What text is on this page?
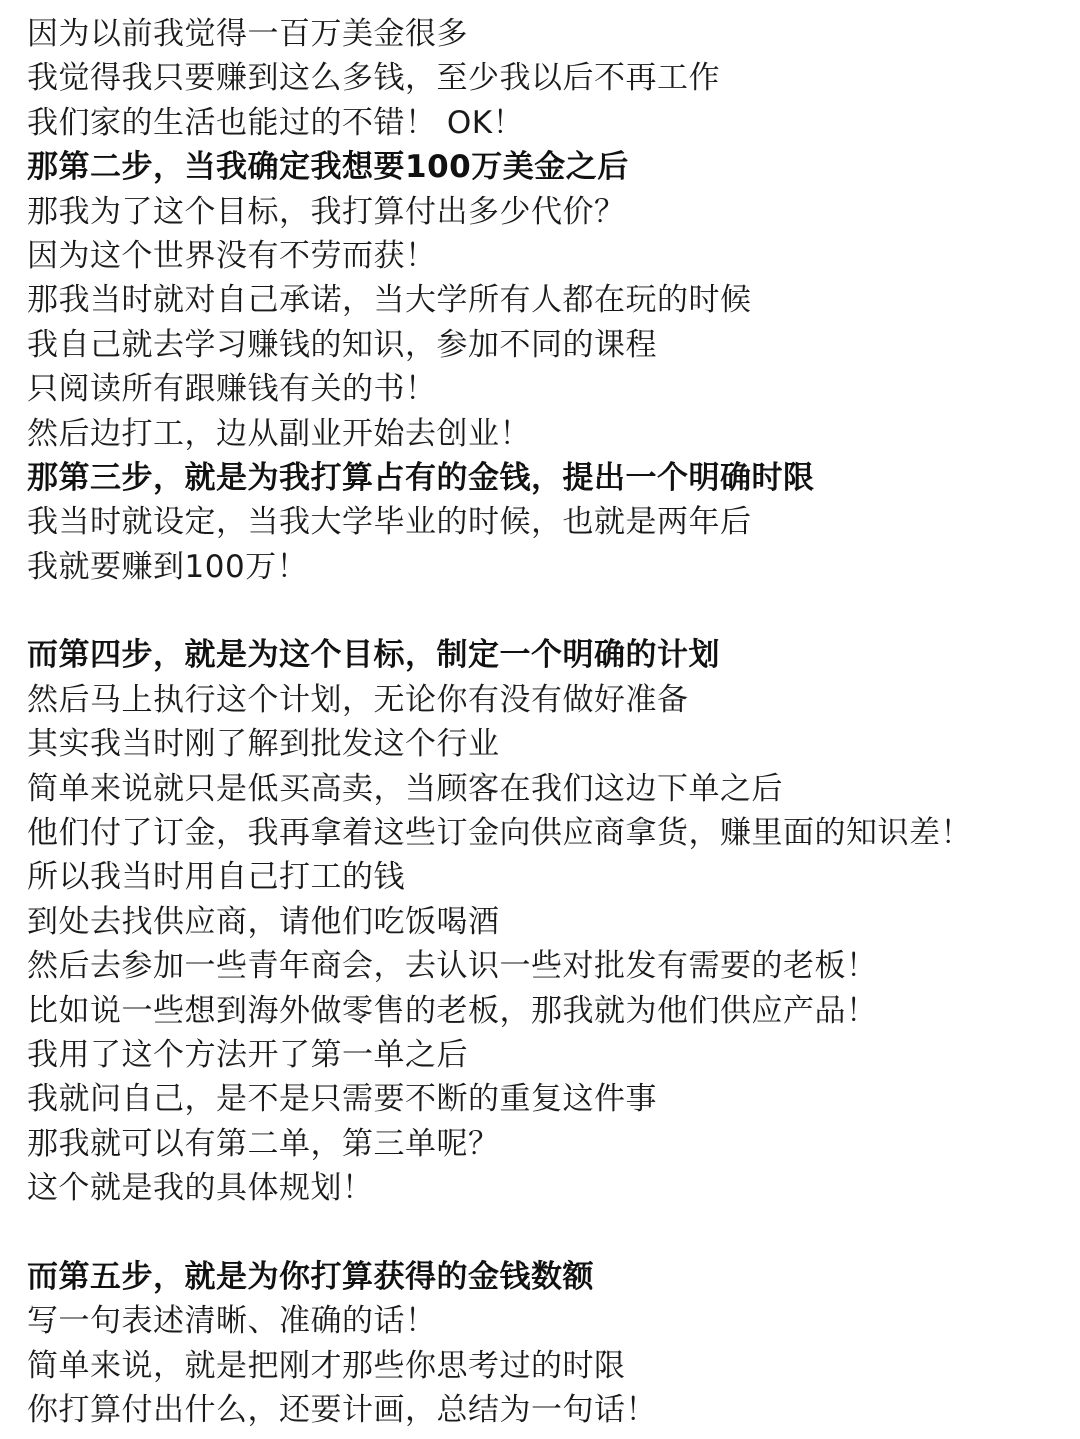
因为以前我觉得一百万美金很多
我觉得我只要赚到这么多钱，至少我以后不再工作
我们家的生活也能过的不错！ OK！
那第二步，当我确定我想要100万美金之后
那我为了这个目标，我打算付出多少代价？
因为这个世界没有不劳而获！
那我当时就对自己承诺，当大学所有人都在玩的时候
我自己就去学习赚钱的知识，参加不同的课程
只阅读所有跟赚钱有关的书！
然后边打工，边从副业开始去创业！
那第三步，就是为我打算占有的金钱，提出一个明确时限
我当时就设定，当我大学毕业的时候，也就是两年后
我就要赚到100万！
而第四步，就是为这个目标，制定一个明确的计划
然后马上执行这个计划，无论你有没有做好准备
其实我当时刚了解到批发这个行业
简单来说就只是低买高卖，当顾客在我们这边下单之后
他们付了订金，我再拿着这些订金向供应商拿货，赚里面的知识差！
所以我当时用自己打工的钱
到处去找供应商，请他们吃饭喝酒
然后去参加一些青年商会，去认识一些对批发有需要的老板！
比如说一些想到海外做零售的老板，那我就为他们供应产品！
我用了这个方法开了第一单之后
我就问自己，是不是只需要不断的重复这件事
那我就可以有第二单，第三单呢？
这个就是我的具体规划！
而第五步，就是为你打算获得的金钱数额
写一句表述清晰、准确的话！
简单来说，就是把刚才那些你思考过的时限
你打算付出什么，还要计画，总结为一句话！
